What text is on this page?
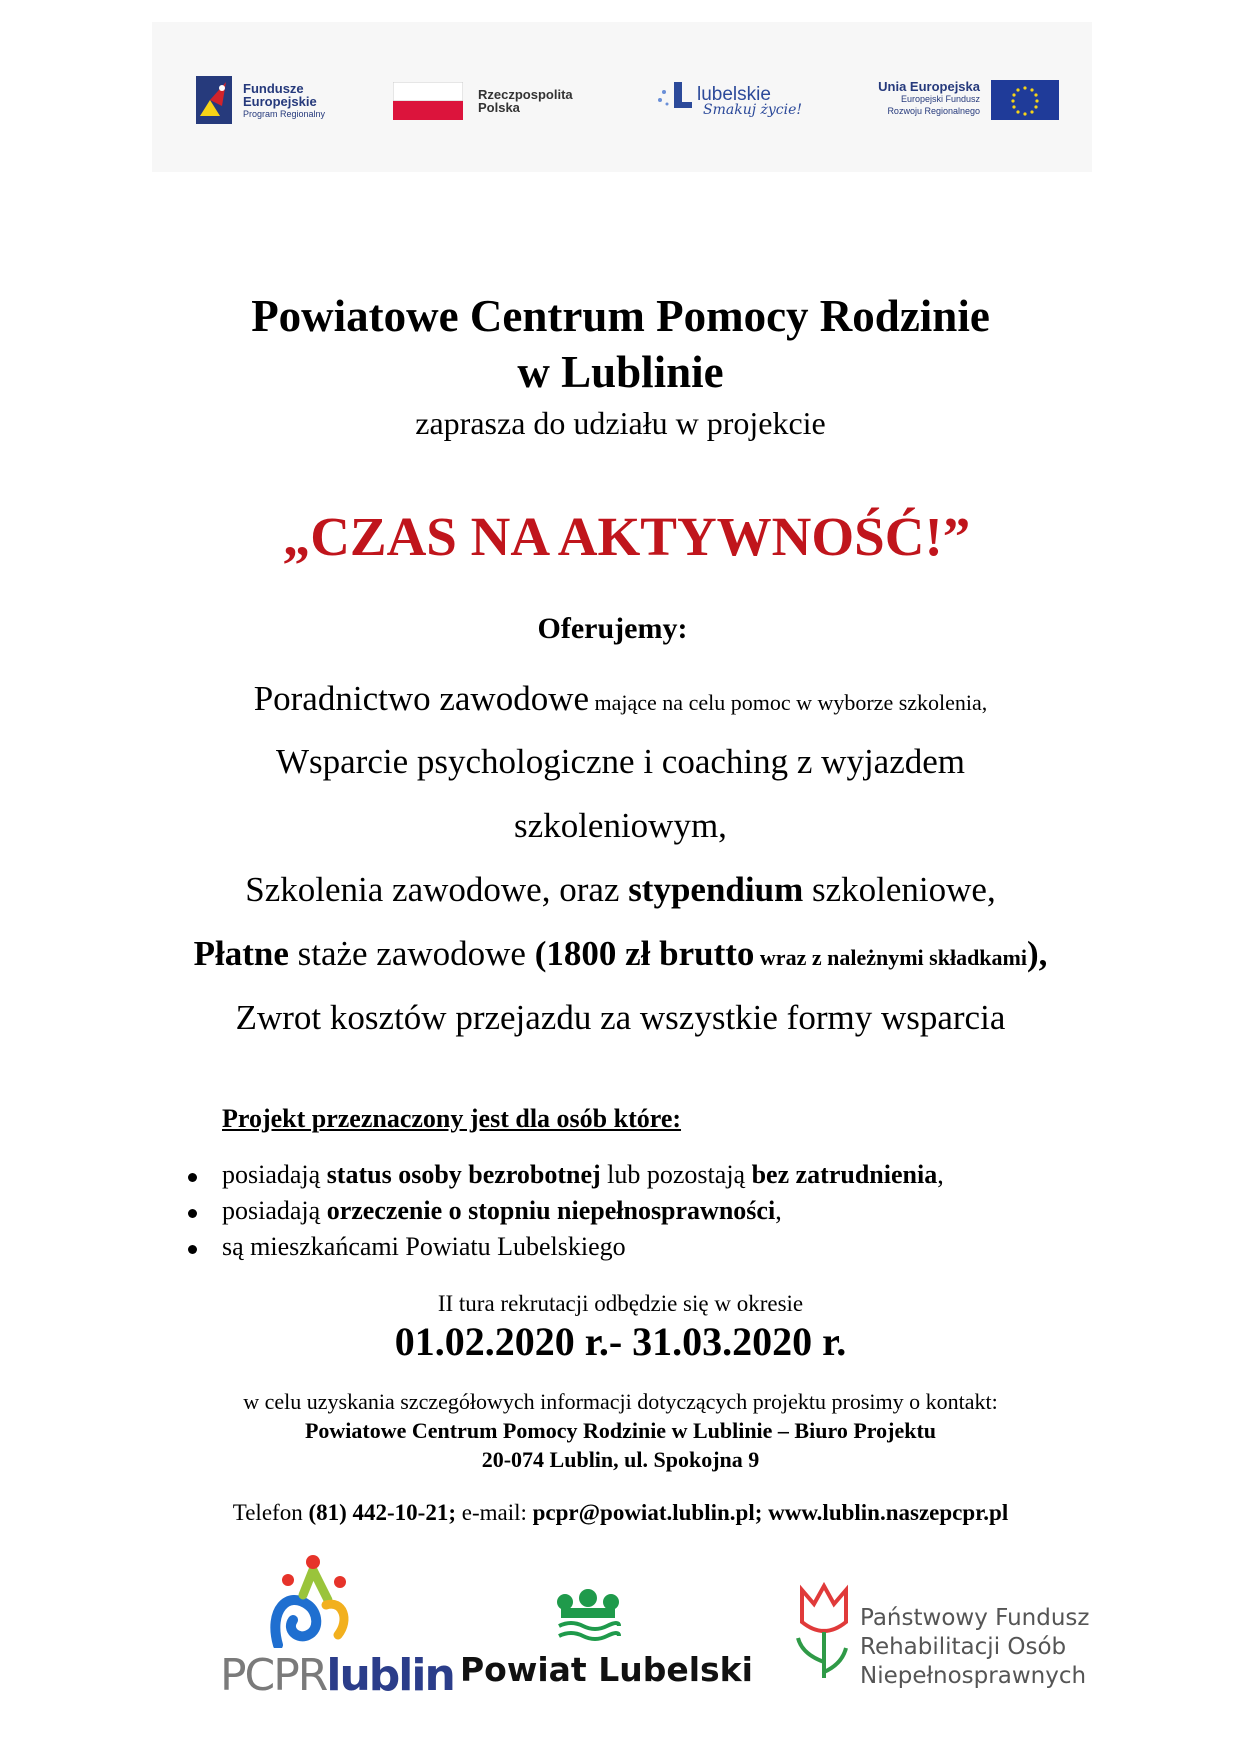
Fundusze
Europejskie
Program Regionalny
Rzeczpospolita
Polska
lubelskie
Smakuj życie!
Unia Europejska
Europejski Fundusz
Rozwoju Regionalnego
Powiatowe Centrum Pomocy Rodzinie
w Lublinie
zaprasza do udziału w projekcie
„CZAS NA AKTYWNOŚĆ!”
Oferujemy:
Poradnictwo zawodowe mające na celu pomoc w wyborze szkolenia,
Wsparcie psychologiczne i coaching z wyjazdem
szkoleniowym,
Szkolenia zawodowe, oraz stypendium szkoleniowe,
Płatne staże zawodowe (1800 zł brutto wraz z należnymi składkami),
Zwrot kosztów przejazdu za wszystkie formy wsparcia
Projekt przeznaczony jest dla osób które:
posiadają status osoby bezrobotnej lub pozostają bez zatrudnienia,
posiadają orzeczenie o stopniu niepełnosprawności,
są mieszkańcami Powiatu Lubelskiego
II tura rekrutacji odbędzie się w okresie
01.02.2020 r.- 31.03.2020 r.
w celu uzyskania szczegółowych informacji dotyczących projektu prosimy o kontakt:
Powiatowe Centrum Pomocy Rodzinie w Lublinie – Biuro Projektu
20-074 Lublin, ul. Spokojna 9
Telefon (81) 442-10-21; e-mail: pcpr@powiat.lublin.pl; www.lublin.naszepcpr.pl
PCPRlublin Powiat Lubelski
Państwowy Fundusz
Rehabilitacji Osób
Niepełnosprawnych
